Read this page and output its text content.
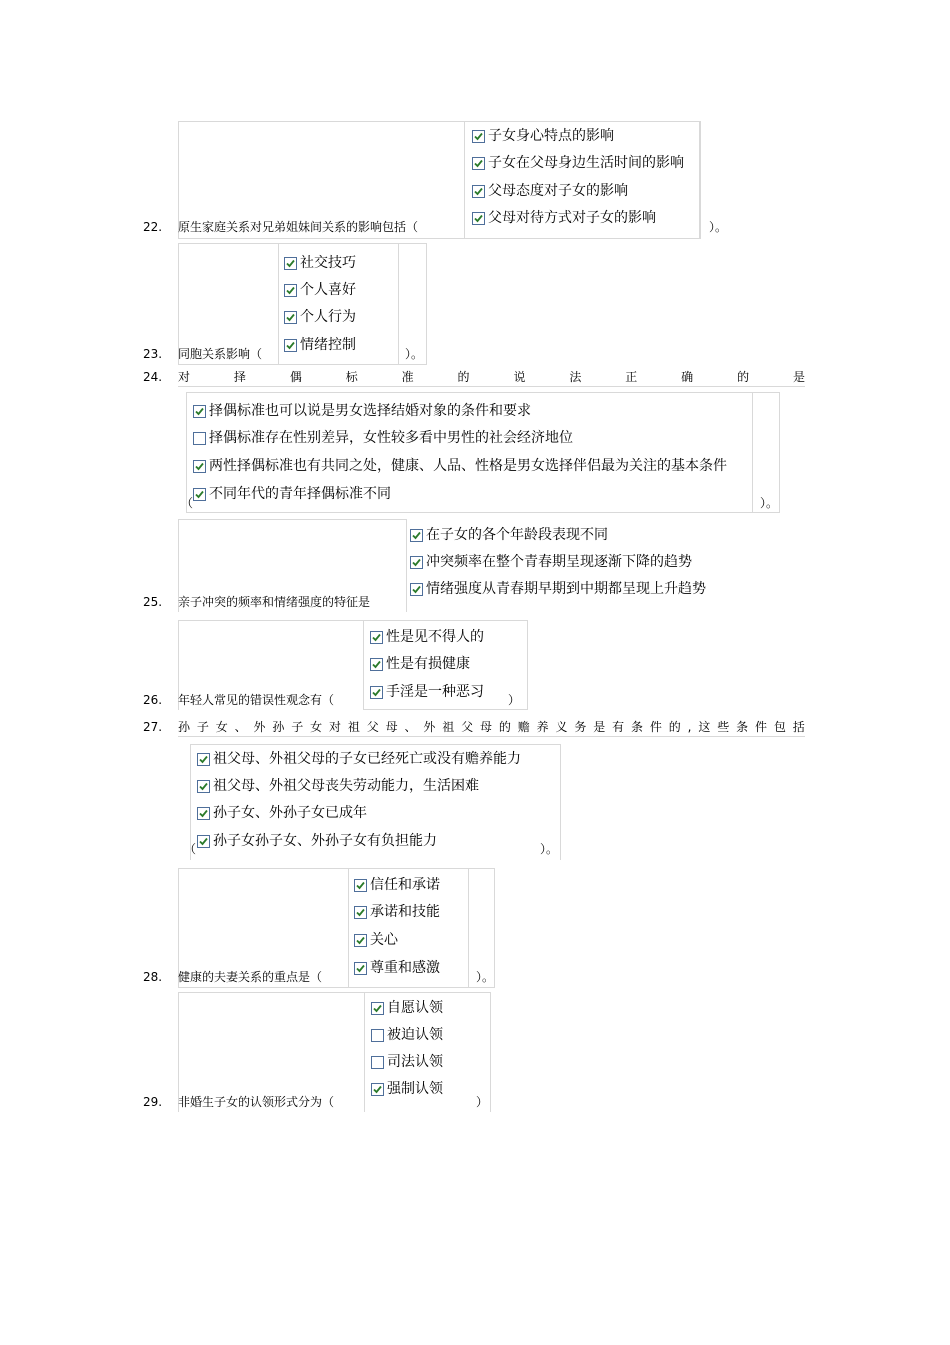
22. 原生家庭关系对兄弟姐妹间关系的影响包括（
子女身心特点的影响
子女在父母身边生活时间的影响
父母态度对子女的影响
父母对待方式对子女的影响
）。
23. 同胞关系影响（
社交技巧
个人喜好
个人行为
情绪控制
）。
24. 对	择	偶	标	准	的	说	法	正	确	的	是
（
择偶标准也可以说是男女选择结婚对象的条件和要求
择偶标准存在性别差异，女性较多看中男性的社会经济地位
两性择偶标准也有共同之处，健康、人品、性格是男女选择伴侣最为关注的基本条件
不同年代的青年择偶标准不同
）。
25. 亲子冲突的频率和情绪强度的特征是
在子女的各个年龄段表现不同
冲突频率在整个青春期呈现逐渐下降的趋势
情绪强度从青春期早期到中期都呈现上升趋势
26. 年轻人常见的错误性观念有（
性是见不得人的
性是有损健康
手淫是一种恶习 ）
27. 孙 子 女 、 外 孙 子 女 对 祖 父 母 、 外 祖 父 母 的 赡 养 义 务 是 有 条 件 的 , 这 些 条 件 包 括
（
祖父母、外祖父母的子女已经死亡或没有赡养能力
祖父母、外祖父母丧失劳动能力，生活困难
孙子女、外孙子女已成年
孙子女孙子女、外孙子女有负担能力	）。
28. 健康的夫妻关系的重点是（
信任和承诺
承诺和技能
关心
尊重和感激
）。
29. 非婚生子女的认领形式分为（
自愿认领
被迫认领
司法认领
强制认领
）
